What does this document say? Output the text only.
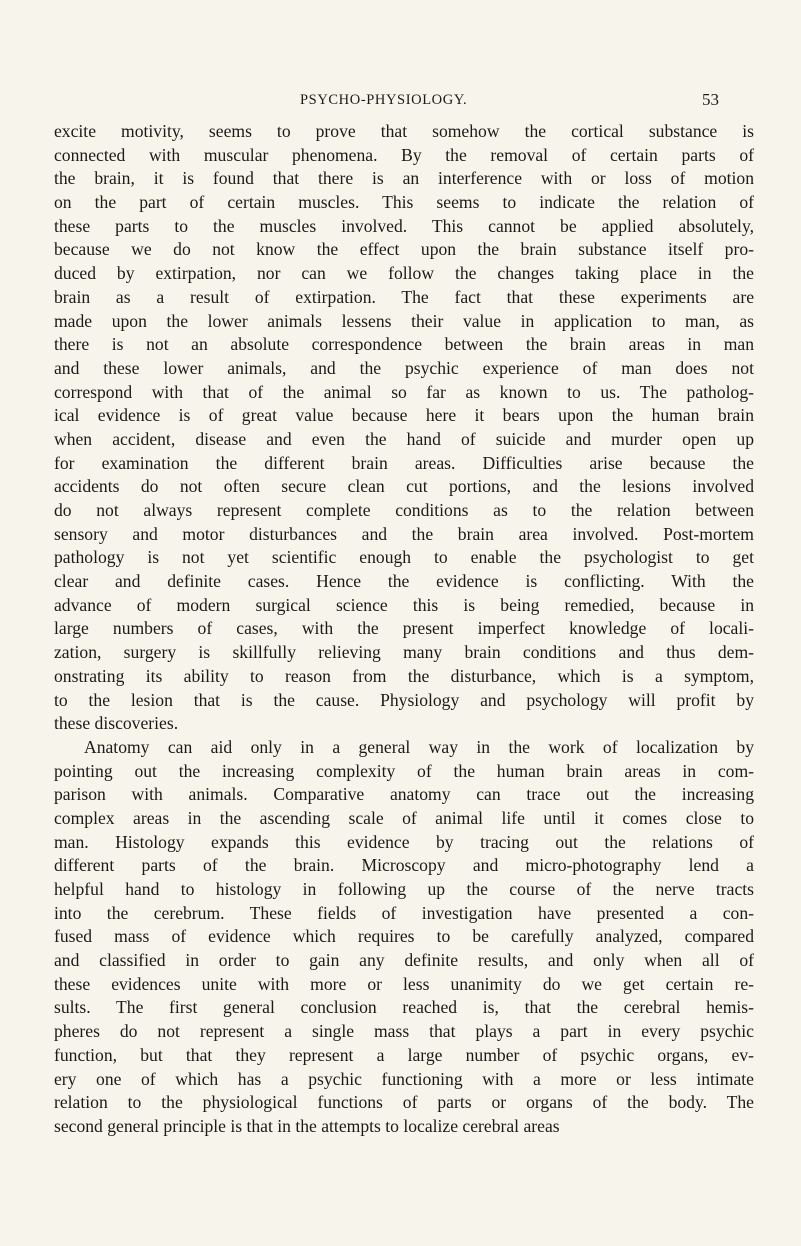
PSYCHO-PHYSIOLOGY.	53
excite motivity, seems to prove that somehow the cortical substance is
connected with muscular phenomena. By the removal of certain parts of
the brain, it is found that there is an interference with or loss of motion
on the part of certain muscles. This seems to indicate the relation of
these parts to the muscles involved. This cannot be applied absolutely,
because we do not know the effect upon the brain substance itself pro-
duced by extirpation, nor can we follow the changes taking place in the
brain as a result of extirpation. The fact that these experiments are
made upon the lower animals lessens their value in application to man, as
there is not an absolute correspondence between the brain areas in man
and these lower animals, and the psychic experience of man does not
correspond with that of the animal so far as known to us. The patholog-
ical evidence is of great value because here it bears upon the human brain
when accident, disease and even the hand of suicide and murder open up
for examination the different brain areas. Difficulties arise because the
accidents do not often secure clean cut portions, and the lesions involved
do not always represent complete conditions as to the relation between
sensory and motor disturbances and the brain area involved. Post-mortem
pathology is not yet scientific enough to enable the psychologist to get
clear and definite cases. Hence the evidence is conflicting. With the
advance of modern surgical science this is being remedied, because in
large numbers of cases, with the present imperfect knowledge of locali-
zation, surgery is skillfully relieving many brain conditions and thus dem-
onstrating its ability to reason from the disturbance, which is a symptom,
to the lesion that is the cause. Physiology and psychology will profit by
these discoveries.
Anatomy can aid only in a general way in the work of localization by
pointing out the increasing complexity of the human brain areas in com-
parison with animals. Comparative anatomy can trace out the increasing
complex areas in the ascending scale of animal life until it comes close to
man. Histology expands this evidence by tracing out the relations of
different parts of the brain. Microscopy and micro-photography lend a
helpful hand to histology in following up the course of the nerve tracts
into the cerebrum. These fields of investigation have presented a con-
fused mass of evidence which requires to be carefully analyzed, compared
and classified in order to gain any definite results, and only when all of
these evidences unite with more or less unanimity do we get certain re-
sults. The first general conclusion reached is, that the cerebral hemis-
pheres do not represent a single mass that plays a part in every psychic
function, but that they represent a large number of psychic organs, ev-
ery one of which has a psychic functioning with a more or less intimate
relation to the physiological functions of parts or organs of the body. The
second general principle is that in the attempts to localize cerebral areas
